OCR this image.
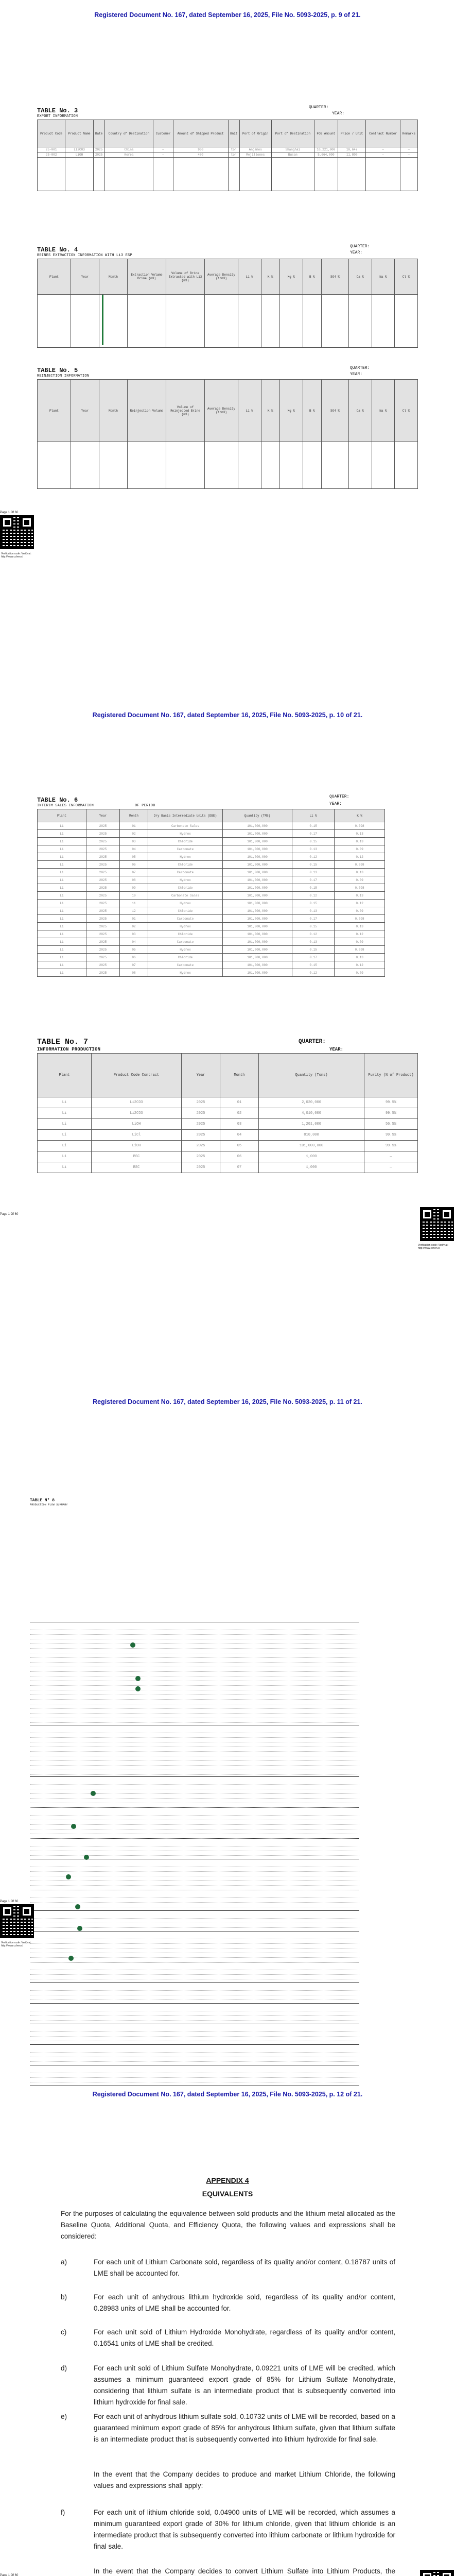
Registered Document No. 167, dated September 16, 2025, File No. 5093-2025, p. 9 of 21.
TABLE No. 3
EXPORT INFORMATION
QUARTER:
YEAR:
Product Code	Product Name	Date	Country of Destination	Customer	Amount of Shipped Product	Unit	Port of Origin	Port of Destination	FOB Amount	Price / Unit	Contract Number	Remarks
25-001	Li2CO3	2025	China	—	960	ton	Angamos	Shanghai	10,221,000	10,647	—	—
25-002	LiOH	2025	Korea	—	480	ton	Mejillones	Busan	5,664,000	11,800	—	—

TABLE No. 4
BRINES EXTRACTION INFORMATION WITH Li3 ESP
QUARTER:
YEAR:
Plant	Year	Month	Extraction Volume Brine (m3)	Volume of Brine Extracted with Li3 (m3)	Average Density (t/m3)	Li %	K %	Mg %	B %	SO4 %	Ca %	Na %	Cl %

TABLE No. 5
REINJECTION INFORMATION
QUARTER:
YEAR:
Plant	Year	Month	Reinjection Volume	Volume of Reinjected Brine (m3)	Average Density (t/m3)	Li %	K %	Mg %	B %	SO4 %	Ca %	Na %	Cl %

Page 1 Of 60
Verification code: Verify at: http://www.cchen.cl
Registered Document No. 167, dated September 16, 2025, File No. 5093-2025, p. 10 of 21.
TABLE No. 6
INTERIM SALES INFORMATION	OF PERIOD
QUARTER:
YEAR:
Plant	Year	Month	Dry Basis Intermediate Units (DBE)	Quantity (TMS)	Li %	K %
Li	2025	01	Carbonate Sales	101,000,000	0.15	0.098
Li	2025	02	Hydrox	101,000,000	0.17	0.13
Li	2025	03	Chloride	101,000,000	0.15	0.13
Li	2025	04	Carbonate	101,000,000	0.13	0.09
Li	2025	05	Hydrox	101,000,000	0.12	0.12
Li	2025	06	Chloride	101,000,000	0.15	0.098
Li	2025	07	Carbonate	101,000,000	0.13	0.13
Li	2025	08	Hydrox	101,000,000	0.17	0.09
Li	2025	09	Chloride	101,000,000	0.15	0.098
Li	2025	10	Carbonate Sales	101,000,000	0.12	0.13
Li	2025	11	Hydrox	101,000,000	0.15	0.12
Li	2025	12	Chloride	101,000,000	0.13	0.09
Li	2025	01	Carbonate	101,000,000	0.17	0.098
Li	2025	02	Hydrox	101,000,000	0.15	0.13
Li	2025	03	Chloride	101,000,000	0.12	0.12
Li	2025	04	Carbonate	101,000,000	0.13	0.09
Li	2025	05	Hydrox	101,000,000	0.15	0.098
Li	2025	06	Chloride	101,000,000	0.17	0.13
Li	2025	07	Carbonate	101,000,000	0.15	0.12
Li	2025	08	Hydrox	101,000,000	0.12	0.09
TABLE No. 7
INFORMATION PRODUCTION
QUARTER:
YEAR:
Plant	Product Code Contract	Year	Month	Quantity (Tons)	Purity (% of Product)
Li	Li2CO3	2025	01	2,020,000	99.5%
Li	Li2CO3	2025	02	4,010,000	99.5%
Li	LiOH	2025	03	1,201,000	56.5%
Li	LiCl	2025	04	810,000	99.5%
Li	LiOH	2025	05	101,000,000	99.5%
Li	BSC	2025	06	1,000	—
Li	BSC	2025	07	1,000	—
Page 1 Of 60
Verification code: Verify at: http://www.cchen.cl
Registered Document No. 167, dated September 16, 2025, File No. 5093-2025, p. 11 of 21.
TABLE N° 8
PRODUCTION FLOW SUMMARY
Page 1 Of 60
Verification code: Verify at: http://www.cchen.cl
Registered Document No. 167, dated September 16, 2025, File No. 5093-2025, p. 12 of 21.
APPENDIX 4
EQUIVALENTS
For the purposes of calculating the equivalence between sold products and the lithium metal allocated as the Baseline Quota, Additional Quota, and Efficiency Quota, the following values and expressions shall be considered:
a)	For each unit of Lithium Carbonate sold, regardless of its quality and/or content, 0.18787 units of LME shall be accounted for.
b)	For each unit of anhydrous lithium hydroxide sold, regardless of its quality and/or content, 0.28983 units of LME shall be accounted for.
c)	For each unit sold of Lithium Hydroxide Monohydrate, regardless of its quality and/or content, 0.16541 units of LME shall be credited.
d)	For each unit sold of Lithium Sulfate Monohydrate, 0.09221 units of LME will be credited, which assumes a minimum guaranteed export grade of 85% for Lithium Sulfate Monohydrate, considering that lithium sulfate is an intermediate product that is subsequently converted into lithium hydroxide for final sale.
e)	For each unit of anhydrous lithium sulfate sold, 0.10732 units of LME will be recorded, based on a guaranteed minimum export grade of 85% for anhydrous lithium sulfate, given that lithium sulfate is an intermediate product that is subsequently converted into lithium hydroxide for final sale.
In the event that the Company decides to produce and market Lithium Chloride, the following values and expressions shall apply:
f)	For each unit of lithium chloride sold, 0.04900 units of LME will be recorded, which assumes a minimum guaranteed export grade of 30% for lithium chloride, given that lithium chloride is an intermediate product that is subsequently converted into lithium carbonate or lithium hydroxide for final sale.
In the event that the Company decides to convert Lithium Sulfate into Lithium Products, the
Page 1 Of 60
